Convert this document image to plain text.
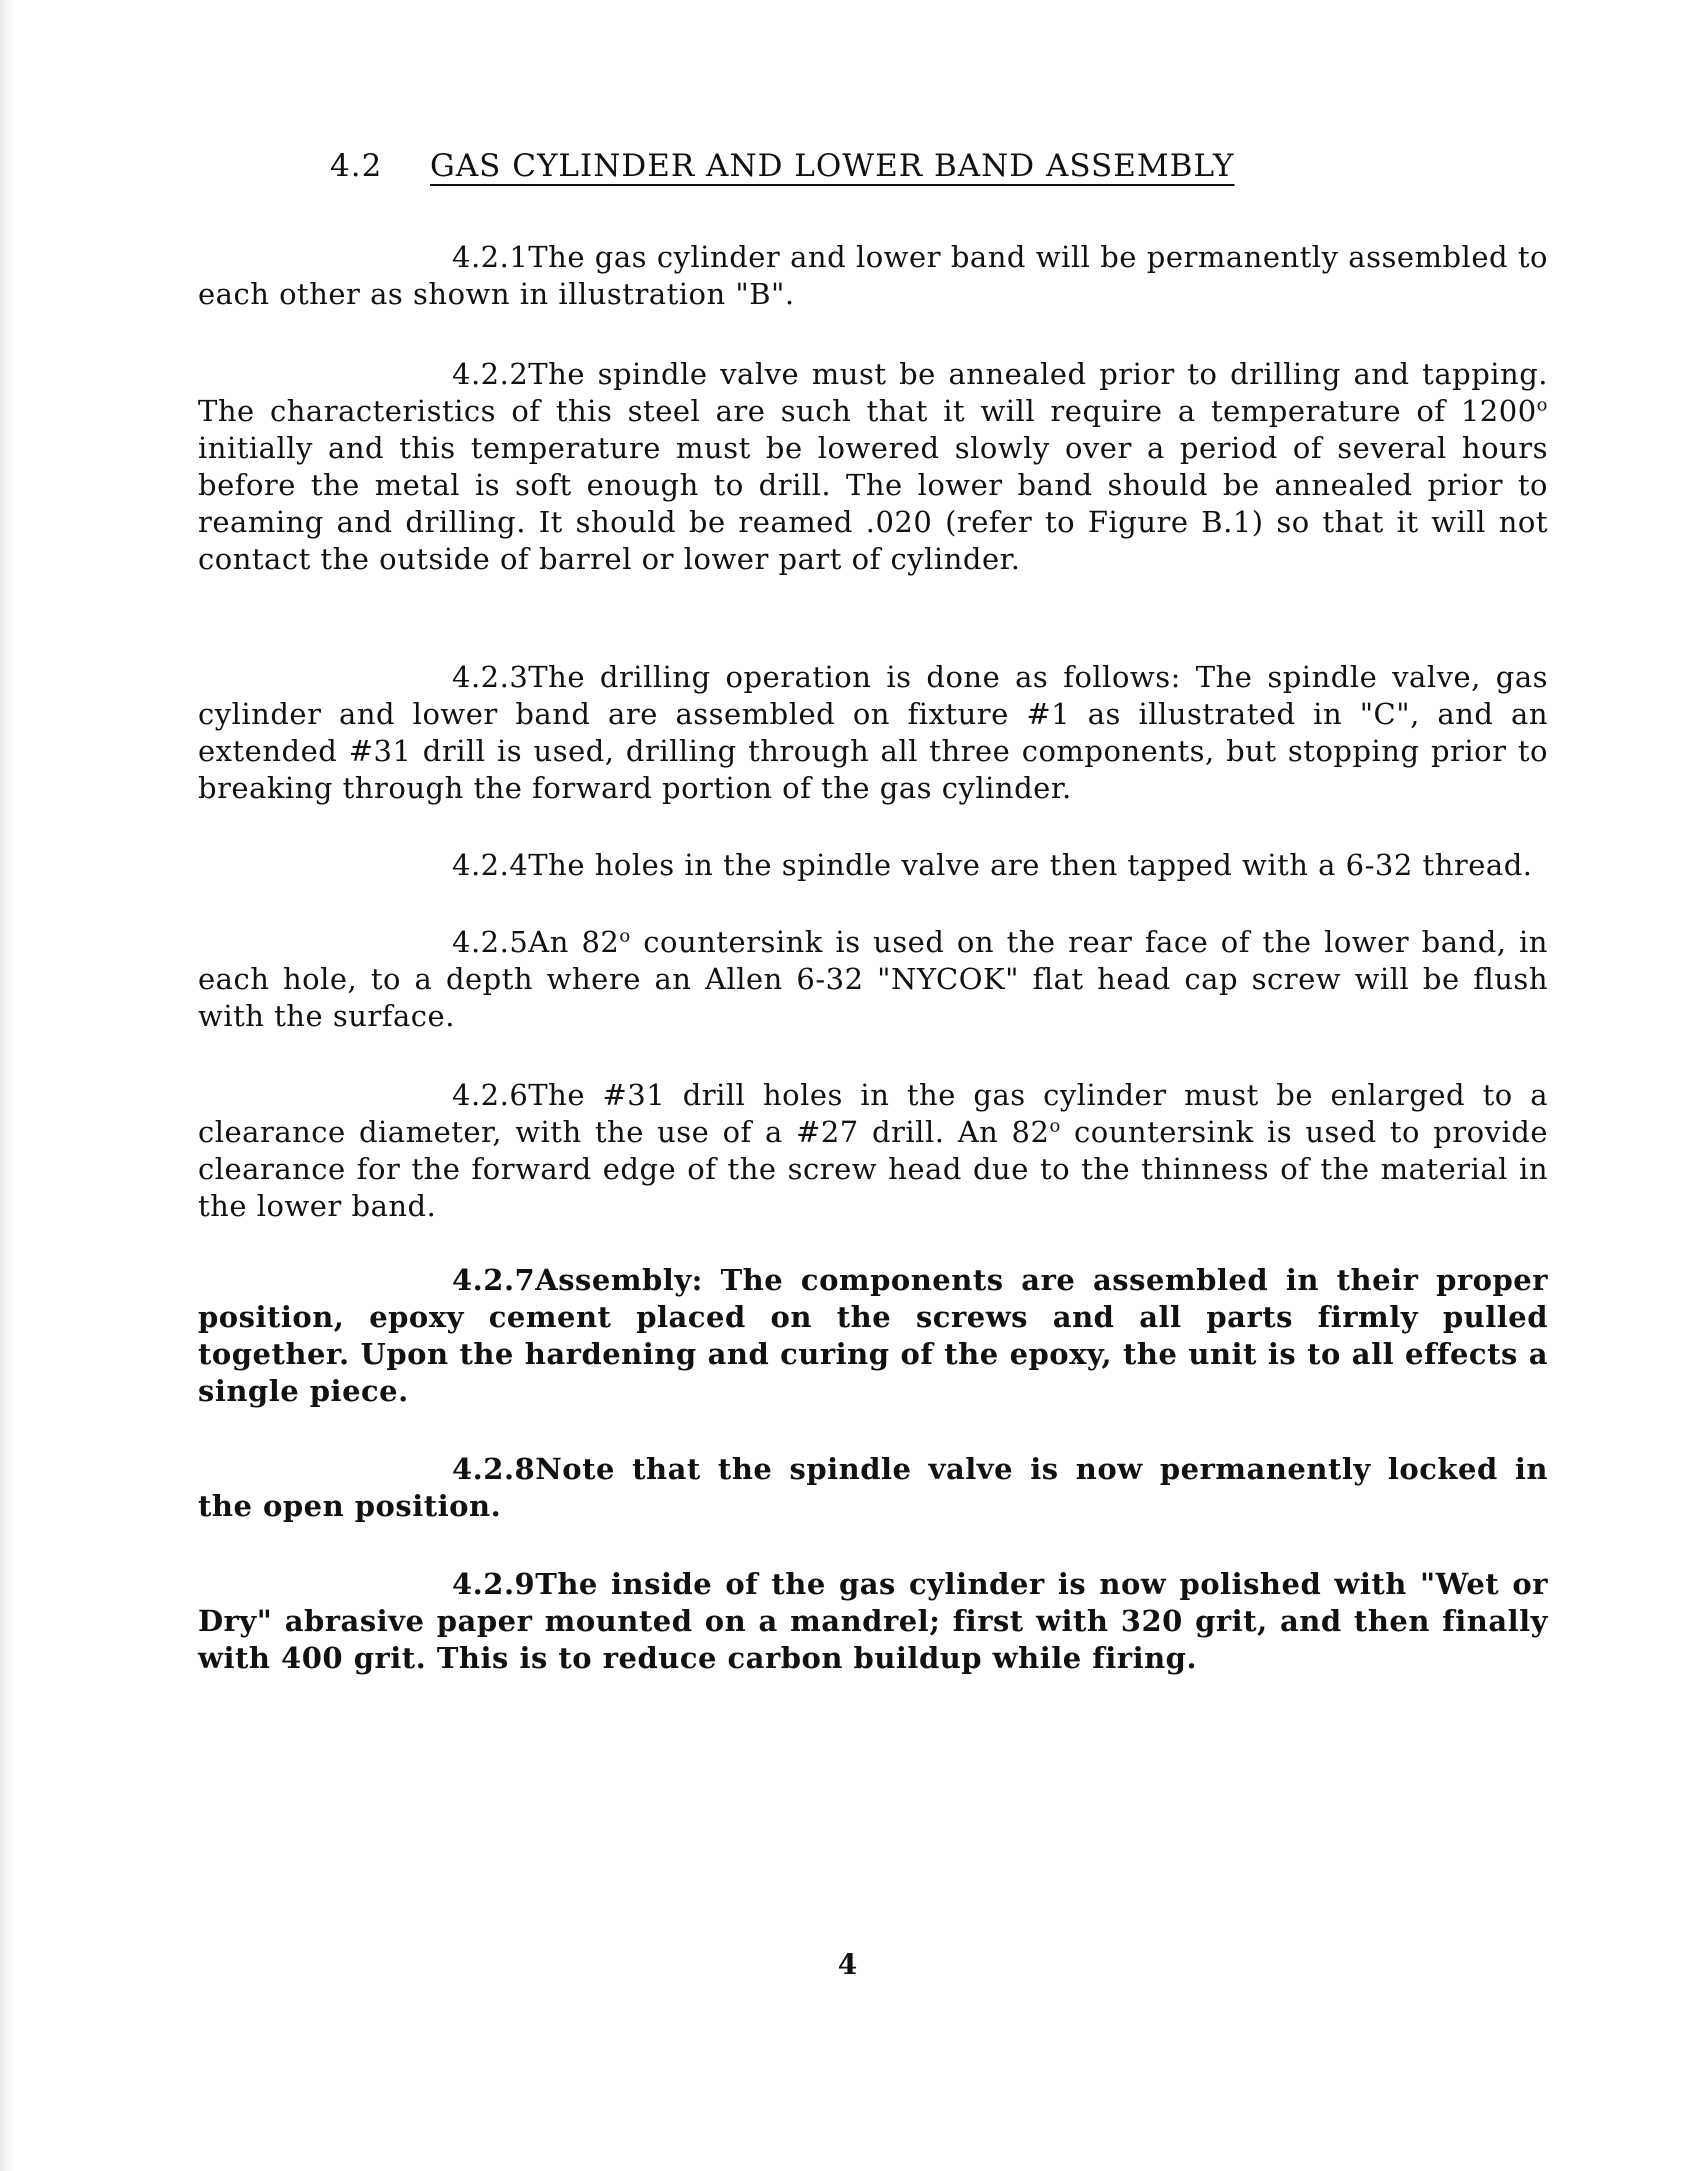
4.2 GAS CYLINDER AND LOWER BAND ASSEMBLY

4.2.1The gas cylinder and lower band will be permanently assembled to each other as shown in illustration "B".

4.2.2The spindle valve must be annealed prior to drilling and tapping. The characteristics of this steel are such that it will require a temperature of 1200$^o$ initially and this temperature must be lowered slowly over a period of several hours before the metal is soft enough to drill. The lower band should be annealed prior to reaming and drilling. It should be reamed .020 (refer to Figure B.1) so that it will not contact the outside of barrel or lower part of cylinder.

4.2.3The drilling operation is done as follows: The spindle valve, gas cylinder and lower band are assembled on fixture #1 as illustrated in "C", and an extended #31 drill is used, drilling through all three components, but stopping prior to breaking through the forward portion of the gas cylinder.

4.2.4The holes in the spindle valve are then tapped with a 6-32 thread.

4.2.5An 82$^o$ countersink is used on the rear face of the lower band, in each hole, to a depth where an Allen 6-32 "NYCOK" flat head cap screw will be flush with the surface.

4.2.6The #31 drill holes in the gas cylinder must be enlarged to a clearance diameter, with the use of a #27 drill. An 82$^o$ countersink is used to provide clearance for the forward edge of the screw head due to the thinness of the material in the lower band.

4.2.7Assembly: The components are assembled in their proper position, epoxy cement placed on the screws and all parts firmly pulled together. Upon the hardening and curing of the epoxy, the unit is to all effects a single piece.

4.2.8Note that the spindle valve is now permanently locked in the open position.

4.2.9The inside of the gas cylinder is now polished with "Wet or Dry" abrasive paper mounted on a mandrel; first with 320 grit, and then finally with 400 grit. This is to reduce carbon buildup while firing.

4
